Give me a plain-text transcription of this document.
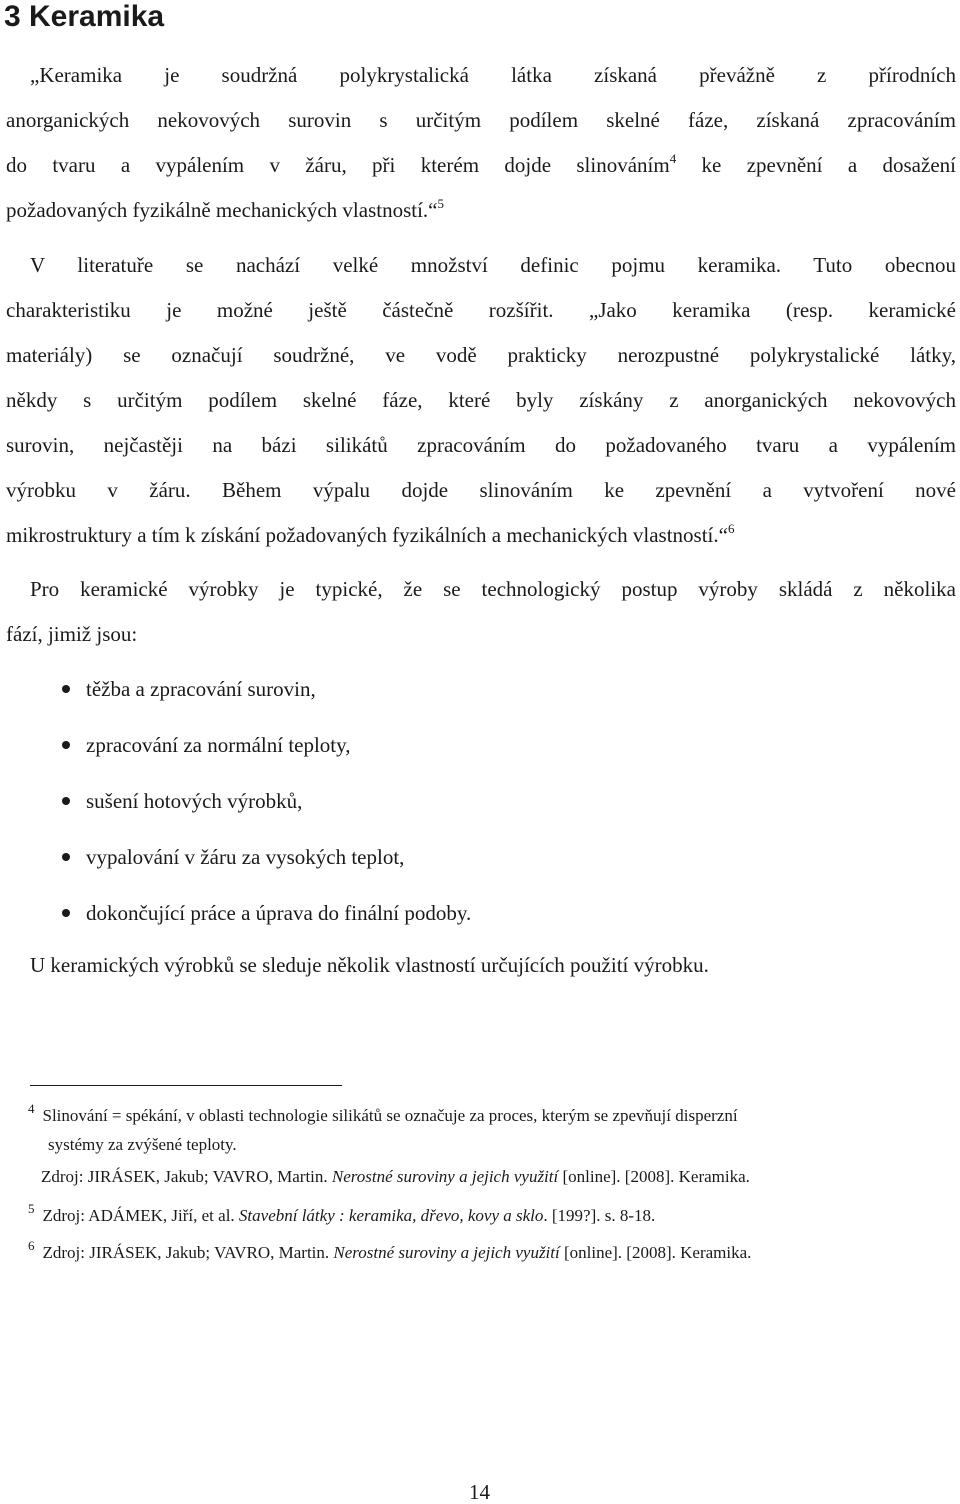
3 Keramika
„Keramika je soudržná polykrystalická látka získaná převážně z přírodních
anorganických nekovových surovin s určitým podílem skelné fáze, získaná zpracováním
do tvaru a vypálením v žáru, při kterém dojde slinováním$^4$ ke zpevnění a dosažení
požadovaných fyzikálně mechanických vlastností.“$^5$
V literatuře se nachází velké množství definic pojmu keramika. Tuto obecnou
charakteristiku je možné ještě částečně rozšířit. „Jako keramika (resp. keramické
materiály) se označují soudržné, ve vodě prakticky nerozpustné polykrystalické látky,
někdy s určitým podílem skelné fáze, které byly získány z anorganických nekovových
surovin, nejčastěji na bázi silikátů zpracováním do požadovaného tvaru a vypálením
výrobku v žáru. Během výpalu dojde slinováním ke zpevnění a vytvoření nové
mikrostruktury a tím k získání požadovaných fyzikálních a mechanických vlastností.“$^6$
Pro keramické výrobky je typické, že se technologický postup výroby skládá z několika
fází, jimiž jsou:
těžba a zpracování surovin,
zpracování za normální teploty,
sušení hotových výrobků,
vypalování v žáru za vysokých teplot,
dokončující práce a úprava do finální podoby.
U keramických výrobků se sleduje několik vlastností určujících použití výrobku.
$^4$ Slinování = spékání, v oblasti technologie silikátů se označuje za proces, kterým se zpevňují disperzní
systémy za zvýšené teploty.
Zdroj: JIRÁSEK, Jakub; VAVRO, Martin. Nerostné suroviny a jejich využití [online]. [2008]. Keramika.
$^5$ Zdroj: ADÁMEK, Jiří, et al. Stavební látky : keramika, dřevo, kovy a sklo. [199?]. s. 8-18.
$^6$ Zdroj: JIRÁSEK, Jakub; VAVRO, Martin. Nerostné suroviny a jejich využití [online]. [2008]. Keramika.
14
